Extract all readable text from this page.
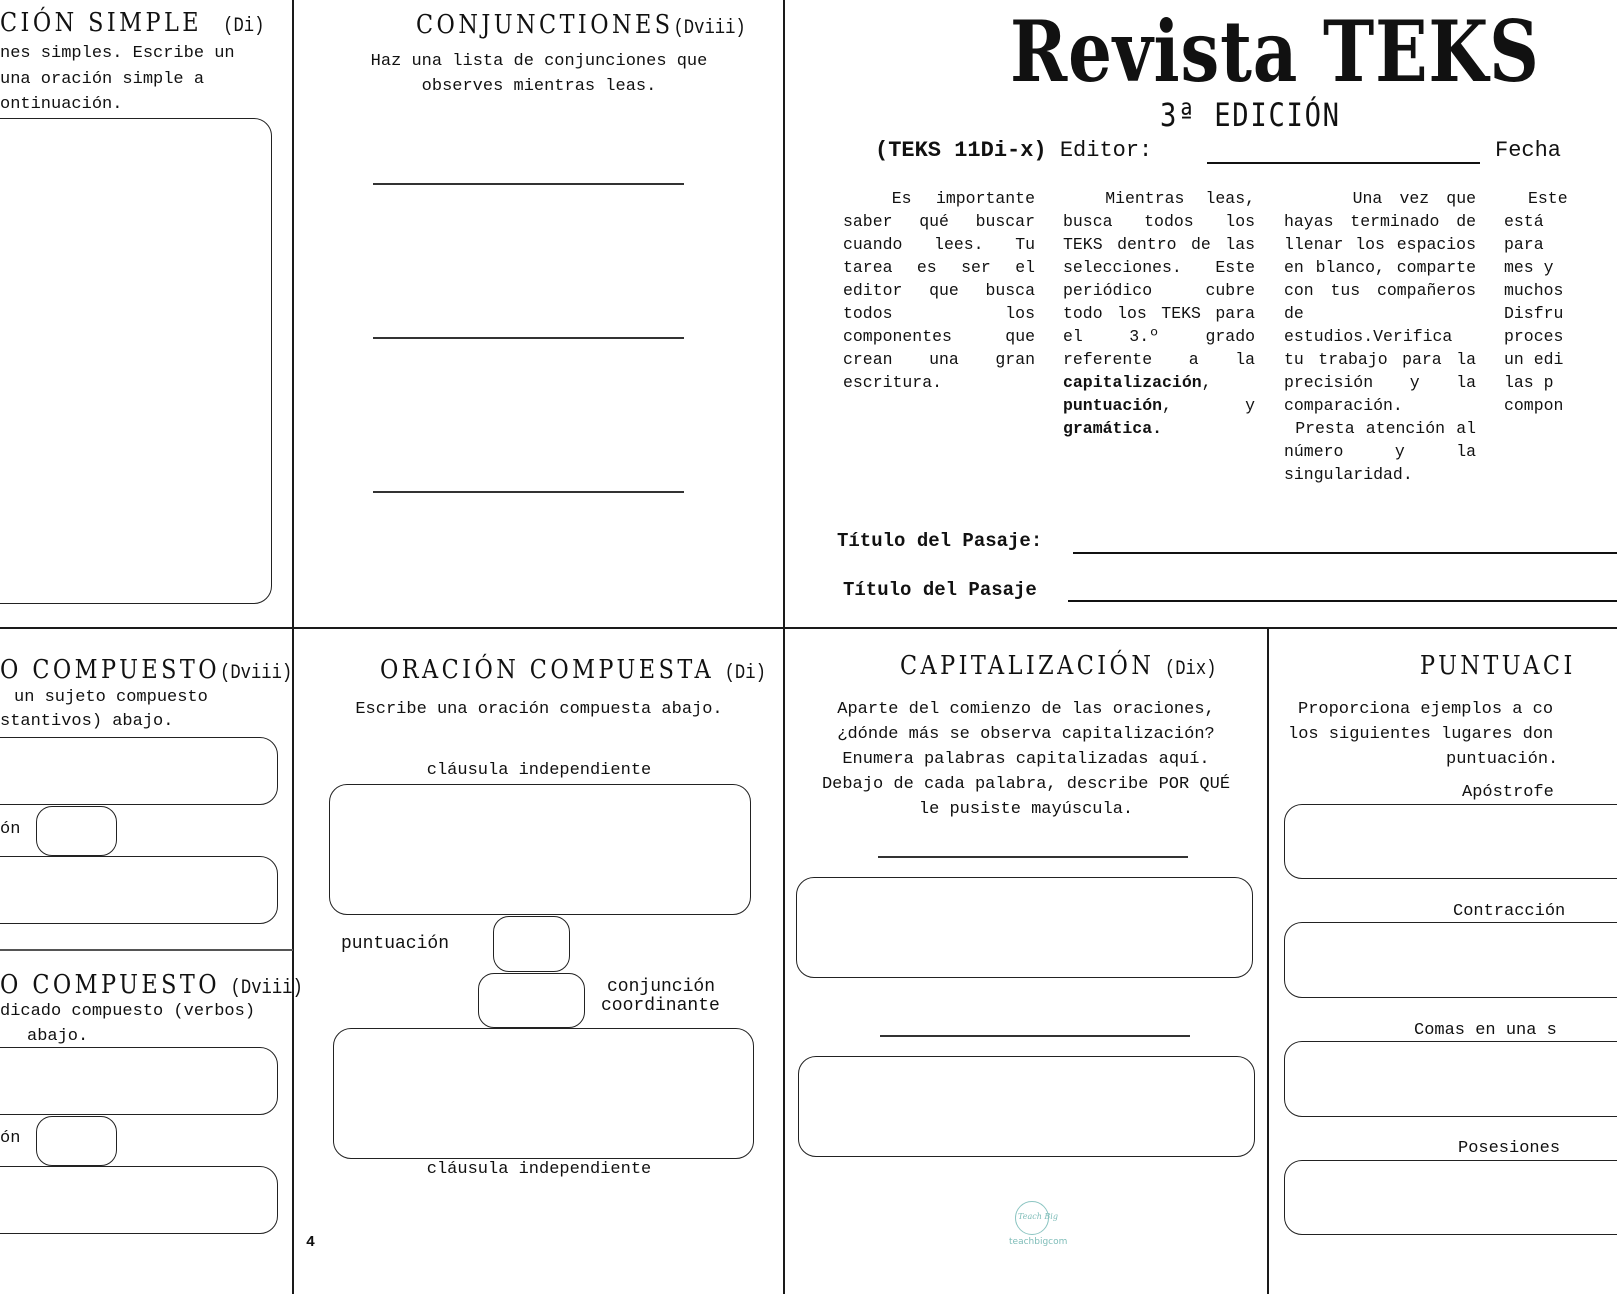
CIÓN SIMPLE (Di)
nes simples. Escribe un
una oración simple a
ontinuación.
CONJUNCTIONES(Dviii)
Haz una lista de conjunciones que
observes mientras leas.	Revista TEKS
3ª EDICIÓN
(TEKS 11Di-x) Editor:	Fecha
Es importante saber qué buscar cuando lees. Tu tarea es ser el editor que busca todos los componentes que crean una gran escritura.
Mientras leas, busca todos los TEKS dentro de las selecciones. Este periódico cubre todo los TEKS para el 3.º grado referente a la capitalización, puntuación, y gramática.
Una vez que hayas terminado de llenar los espacios en blanco, comparte con tus compañeros de estudios.Verifica tu trabajo para la precisión y la comparación.
Presta atención al número y la singularidad.
Este
está
para
mes y
muchos
Disfru
proces
un edi
las p
compon
Título del Pasaje:
Título del Pasaje
O COMPUESTO(Dviii)
un sujeto compuesto
stantivos) abajo.
ón
O COMPUESTO (Dviii)
dicado compuesto (verbos)
abajo.
ón
ORACIÓN COMPUESTA (Di)
Escribe una oración compuesta abajo.
cláusula independiente
puntuación
conjunción
coordinante
cláusula independiente
4
CAPITALIZACIÓN (Dix)
Aparte del comienzo de las oraciones,
¿dónde más se observa capitalización?
Enumera palabras capitalizadas aquí.
Debajo de cada palabra, describe POR QUÉ
le pusiste mayúscula.
Teach Big
teachbigcom
PUNTUACI
Proporciona ejemplos a co
los siguientes lugares don
puntuación.
Apóstrofe
Contracción
Comas en una s
Posesiones
